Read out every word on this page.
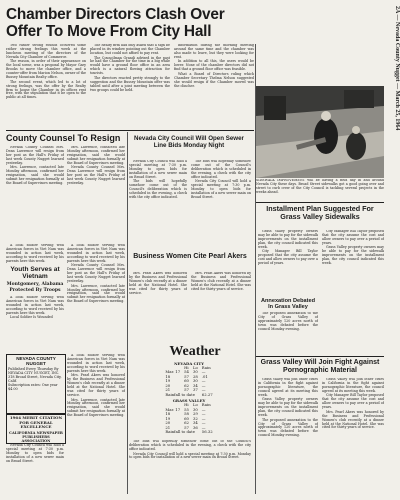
2A — Nevada County Nugget — March 25, 1964
Chamber Directors Clash Over
Offer To Move From City Hall

Two rather strong rounds occurred some rather strong feelings this week at the luncheon meeting of the directors of the Nevada City Chamber of Commerce.

The reason, in order of their appearance on the local scene, was a proposal by Mayor Gary Brooks to move the chamber office, and a counter-offer from Marion Nelson, owner of the Bussey Mountain Realty office.

The second event, which led to a lot of strong feelings, was the offer by the Realty firm to house the Chamber in its offices rent free, with the stipulation that it be open to the public at all times.

The Realty firm had only asked that a sign be placed in its window pointing out the Chamber location, but could not afford to pay rent.

The Councilman Grandi advised in the past he had the Chamber for the time in a big while would have a ground floor office in an area which is a natural flowing attraction for tourists.

The directors reacted pretty strongly to the suggestion and the Bussey Mountain offer was tabled until after a joint meeting between the two groups could be held.

information during the morning meeting around the same time and the chamber was also made to leave, but they were looking for rent.

In addition to all this, the users would be lower. None of the chamber directors did not find that a ground floor office was feasible.

What a Board of Directors ruling which Chamber Secretary Thelma Nelson suggested she would resign if the Chamber moved was the clincher.

SIDEWALK IMPROVEMENT will be having a field day in and around Nevada City these days. Broad Street sidewalks got a good going over and street to curb crew of the City Council is tackling several projects in the weeks ahead.

County Counsel To Resign

Nevada County Counsel Mrs. Dean Lawrence will resign from her post as the Hall's Friday of last week County Nugget learned yesterday.

Mrs. Lawrence, contacted late Monday afternoon, confirmed her resignation, said she would submit her resignation formally at the Board of Supervisors meeting.

Mrs. Lawrence, contacted late Monday afternoon, confirmed her resignation, said she would submit her resignation formally at the Board of Supervisors meeting.

Nevada County Counsel Mrs. Dean Lawrence will resign from her post as the Hall's Friday of last week County Nugget learned yesterday.

Nevada City Council Will Open Sewer Line Bids Monday Night

Nevada City Council will hold a special meeting at 7:30 p.m. Monday to open bids for installation of a new sewer main on Broad Street.

The bids will hopefully somehow come out of the Council's deliberation which is scheduled in the evening, a check with the city office indicated.

The bids will hopefully somehow come out of the Council's deliberation which is scheduled in the evening, a check with the city office indicated.

Nevada City Council will hold a special meeting at 7:30 p.m. Monday to open bids for installation of a new sewer main on Broad Street.

Business Women Cite Pearl Akers

Mrs. Pearl Akers was honored by the Business and Professional Women's club recently at a dinner held at the National Hotel. She was cited for thirty years of service.

Mrs. Pearl Akers was honored by the Business and Professional Women's club recently at a dinner held at the National Hotel. She was cited for thirty years of service.

A local soldier serving with American forces in Viet Nam was wounded in action last week, according to word received by his parents here this week.

Youth Serves at Vietnam
Montgomery, Alabama
Protected By Troops

A local soldier serving with American forces in Viet Nam was wounded in action last week, according to word received by his parents here this week.

Local Soldier Is Wounded

A local soldier serving with American forces in Viet Nam was wounded in action last week, according to word received by his parents here this week.

Nevada County Counsel Mrs. Dean Lawrence will resign from her post as the Hall's Friday of last week County Nugget learned yesterday.

Mrs. Lawrence, contacted late Monday afternoon, confirmed her resignation, said she would submit her resignation formally at the Board of Supervisors meeting.

NEVADA COUNTY NUGGET
Published Every Thursday By
NEVADA CITY NUGGET, INC.
318 Broad Street, Nevada City, Calif.
Subscription rates: One year $4.00
1964 MERIT CITATION FOR GENERAL EXCELLENCE
CALIFORNIA NEWSPAPER PUBLISHERS ASSOCIATION

A local soldier serving with American forces in Viet Nam was wounded in action last week, according to word received by his parents here this week.

Mrs. Pearl Akers was honored by the Business and Professional Women's club recently at a dinner held at the National Hotel. She was cited for thirty years of service.

Mrs. Lawrence, contacted late Monday afternoon, confirmed her resignation, said she would submit her resignation formally at the Board of Supervisors meeting.

Nevada City Council will hold a special meeting at 7:30 p.m. Monday to open bids for installation of a new sewer main on Broad Street.

Weather
NEVADA CITY
	Hi	Lo	Rain
Mar. 17	54	30	—
18	57	28	.01
19	60	30	—
20	62	34	—
21	57	37	—
Rainfall to date			62.27
GRASS VALLEY
	Hi	Lo	Rain
Mar. 17	55	30	—
18	58	29	—
19	60	32	—
20	62	34	—
21	57	36	—
Rainfall to date			56.32
Installment Plan Suggested For Grass Valley Sidewalks

Grass Valley property owners may be able to pay for the sidewalk improvements on the installment plan, the city council indicated this week.

City Manager Bill Taylor proposed that the city assume the cost and allow owners to pay over a period of years.

City Manager Bill Taylor proposed that the city assume the cost and allow owners to pay over a period of years.

Grass Valley property owners may be able to pay for the sidewalk improvements on the installment plan, the city council indicated this week.

Annexation Debated In Grass Valley

The proposed annexation to the City of Grass Valley of approximately 120 acres north of town was debated before the council Monday evening.

Grass Valley Will Join Fight Against Pornographic Material

Grass Valley will join other cities in California in the fight against pornographic literature, the council agreed at its meeting this week.

Grass Valley property owners may be able to pay for the sidewalk improvements on the installment plan, the city council indicated this week.

The proposed annexation to the City of Grass Valley of approximately 120 acres north of town was debated before the council Monday evening.

Grass Valley will join other cities in California in the fight against pornographic literature, the council agreed at its meeting this week.

City Manager Bill Taylor proposed that the city assume the cost and allow owners to pay over a period of years.

Mrs. Pearl Akers was honored by the Business and Professional Women's club recently at a dinner held at the National Hotel. She was cited for thirty years of service.

The bids will hopefully somehow come out of the Council's deliberation which is scheduled in the evening, a check with the city office indicated.

Nevada City Council will hold a special meeting at 7:30 p.m. Monday to open bids for installation of a new sewer main on Broad Street.
